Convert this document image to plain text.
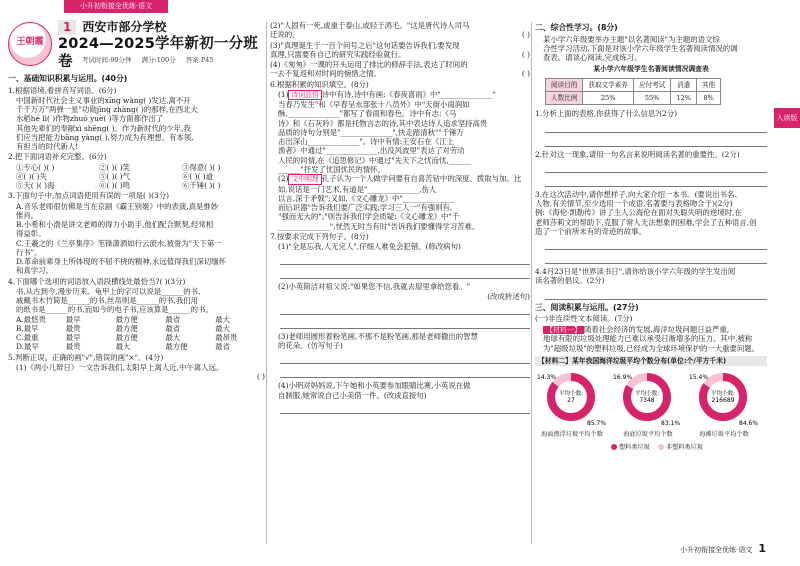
小升初衔接全优练·语文
王朝霞
1 西安市部分学校
2024—2025学年新初一分班卷	考试时间:90分钟 满分:100分 答案:P45
一、基础知识积累与运用。(40分)
1.根据语境,看拼音写词语。(6分)
中国新时代社会主义事业的xīng wàng( )发达,离不开
千千万万"两弹一星"功勋jīng zhàng( )的那样,在西北大
水稻hé lì( )作物zhuó yuè( )等方面都作出了
其他先辈们的奉献xì shēng( )。作为新时代的少年,我
们应当把能力bāng yàng( ),努力成为有理想、有本领,
有担当的时代新人!
2.把下面词语补充完整。(6分)
①专心( )( )	②( )( )笑	③得意( )( )
④( )( )失	⑤( )( )气	⑥( )( )道
⑤天( )( )海	⑥( )( )鸣	⑥千锤( )( )
3.下面句子中,加点词语使用有误的一项是( )(3分)
A.音乐老师很仿佛是当在京剧《霸王别姬》中的表演,真是惟妙
惟肖。
B.小希和小渤是讲文老师的得力小助手,他们配合默契,经常相
得益彰。
C.王羲之的《兰亭集序》笔锋潇洒如行云流水,被誉为"天下第一
行书"。
D.革命前辈身上所体现的不屈不挠的精神,永远值得我们深切缅怀
和真学习。
4.下面哪个选项的词语放入语段横线处最恰当?( )(3分)
书,从古到今,漫步历来。龟甲上的字可以说是______的书,
戚戴书木竹简是______的书,丝帛则是______的书,我们用
的纸书是______的书,而如今的电子书,应该算是______的书。
A.最悠贵	最早	最方便	最省	最大
B.最早	最贵	最方便	最省	最大
C.最重	最早	最方便	最大	最昂贵
D.最早	最贵	最大	最方便	最省
5.判断正误。正确的画"√",错误的画"×"。(4分)
(1)《两小儿辩日》一文告诉我们,太阳早上离人近,中午离人远。
( )
(2)"人固有一死,或重于泰山,或轻于鸿毛。"这是唐代诗人司马
迁说的。	( )
(3)"真理诞生于一百个问号之后"这句话要告诉我们,要发现
真理,只需要有自己的研究实践经验就行。	( )
(4)《匆匆》一课的开头运用了排比的修辞手法,表达了时间的
一去不复返和对时间的惋惜之情。	( )
6.根据积累的知识填空。(8分)
(1) 诗词品悟 诗中有诗,诗中有画:《春夜喜雨》中"______________"
当春乃发生"和《早春呈水部张十八员外》中"天街小雨润如
酥,______________"都写了春雨和春色。诗中有志:《马
诗》和《石灰吟》都是托物言志的诗,其中表达诗人追求坚持高贵
品质的诗句分别是"______________",快走踏清秋""千锤万
击出深山______________"。诗中有情:王安石在《江上
渔者》中通过"______________,出没风波里"表达了对劳动
人民的同情,在《追思修记》中通过"先天下之忧而忧,______
______"抒发了忧国忧民的情怀。
(2) 文中明理 孔子认为一个人做学问要有自喜苦钻中的深度、拨取与加。比
如,说话是一门艺术,有道是"______________,伤人
以言,深于矛戟";又如,《文心雕龙》中"______________
而后识器"告诉我们要广泛实践;学习三人一"有强则有,
"强而无大的";"则告诉我们学会质疑;《文心雕龙》中"千
______________",恍然无时当有时"告诉我们要懂得学习苦难。
7.按要求完成下列句子。(8分)
(1)"全是忘我,人无完人",仔细人难免会犯错。(修改病句)
(2)小英简洁对祖父说:"如果您不信,我就去屋里拿给您看。"
(改成转述句)
(3)老师用圆形着粉笔画,不那不是粉笔画,那是老师撒出的智慧
的花朵。(仿写句子)
(4)小明对妈妈说,下午她和小英要参加眼睛比赛,小英说在做
自制服,她常说自己小美借一件。(改成直接句)
二、综合性学习。(8分)
某小学六年级要举办主题"以名著阅读"为主题的语文综
合性学习活动,下面是对该小学六年级学生名著阅读情况的调
查表。请谈心阅读,完成练习。
某小学六年级学生名著阅读情况调查表
阅读目的	获取文学素养	应付考试	消遣	其他
人数比例	25%	55%	12%	8%
1.分析上面的表格,你获得了什么信息?(2分)
2.针对这一现象,请用一句名言来说明阅读名著的重要性。(2分)
3.在这次活动中,请你想样子,向大家介绍一本书。(要说出书名、
人物,有关情节,至少选用一个成语,名著要与表格吻合于)(2分)
例:《海伦·凯勒传》讲了主人公海伦在面对失聪失明的逆境时,在
老师莎莉文的帮助下,克服了常人无法想象的困难,学会了五种语言,创
造了一个前所未有的奇迹的故事。
4.4月23日是"世界读书日",请你给该小学六年级的学生发出阅
读名著的倡议。(2分)
三、阅读积累与运用。(27分)
(一)非连续性文本阅读。(7分)
【材料一】 随着社会经济的发展,海洋垃圾问题日益严重,
地球有限的垃圾处理能力已难以承受日渐增多的压力。其中,被称
为"超级垃圾"的塑料垃圾,已经成为全球环境保护的一大重要问题。
【材料二】某年我国海洋垃圾平均个数分布(单位:个/平方千米)
平均个数:
27
14.3%
85.7%
平均个数:
7348
16.9%
83.1%
平均个数:
216689
15.4%
84.6%
海面漂浮垃圾平均个数	海底垃圾平均个数	海滩垃圾平均个数
塑料类垃圾	非塑料类垃圾
入读版
小升初衔接全优练·语文 1
